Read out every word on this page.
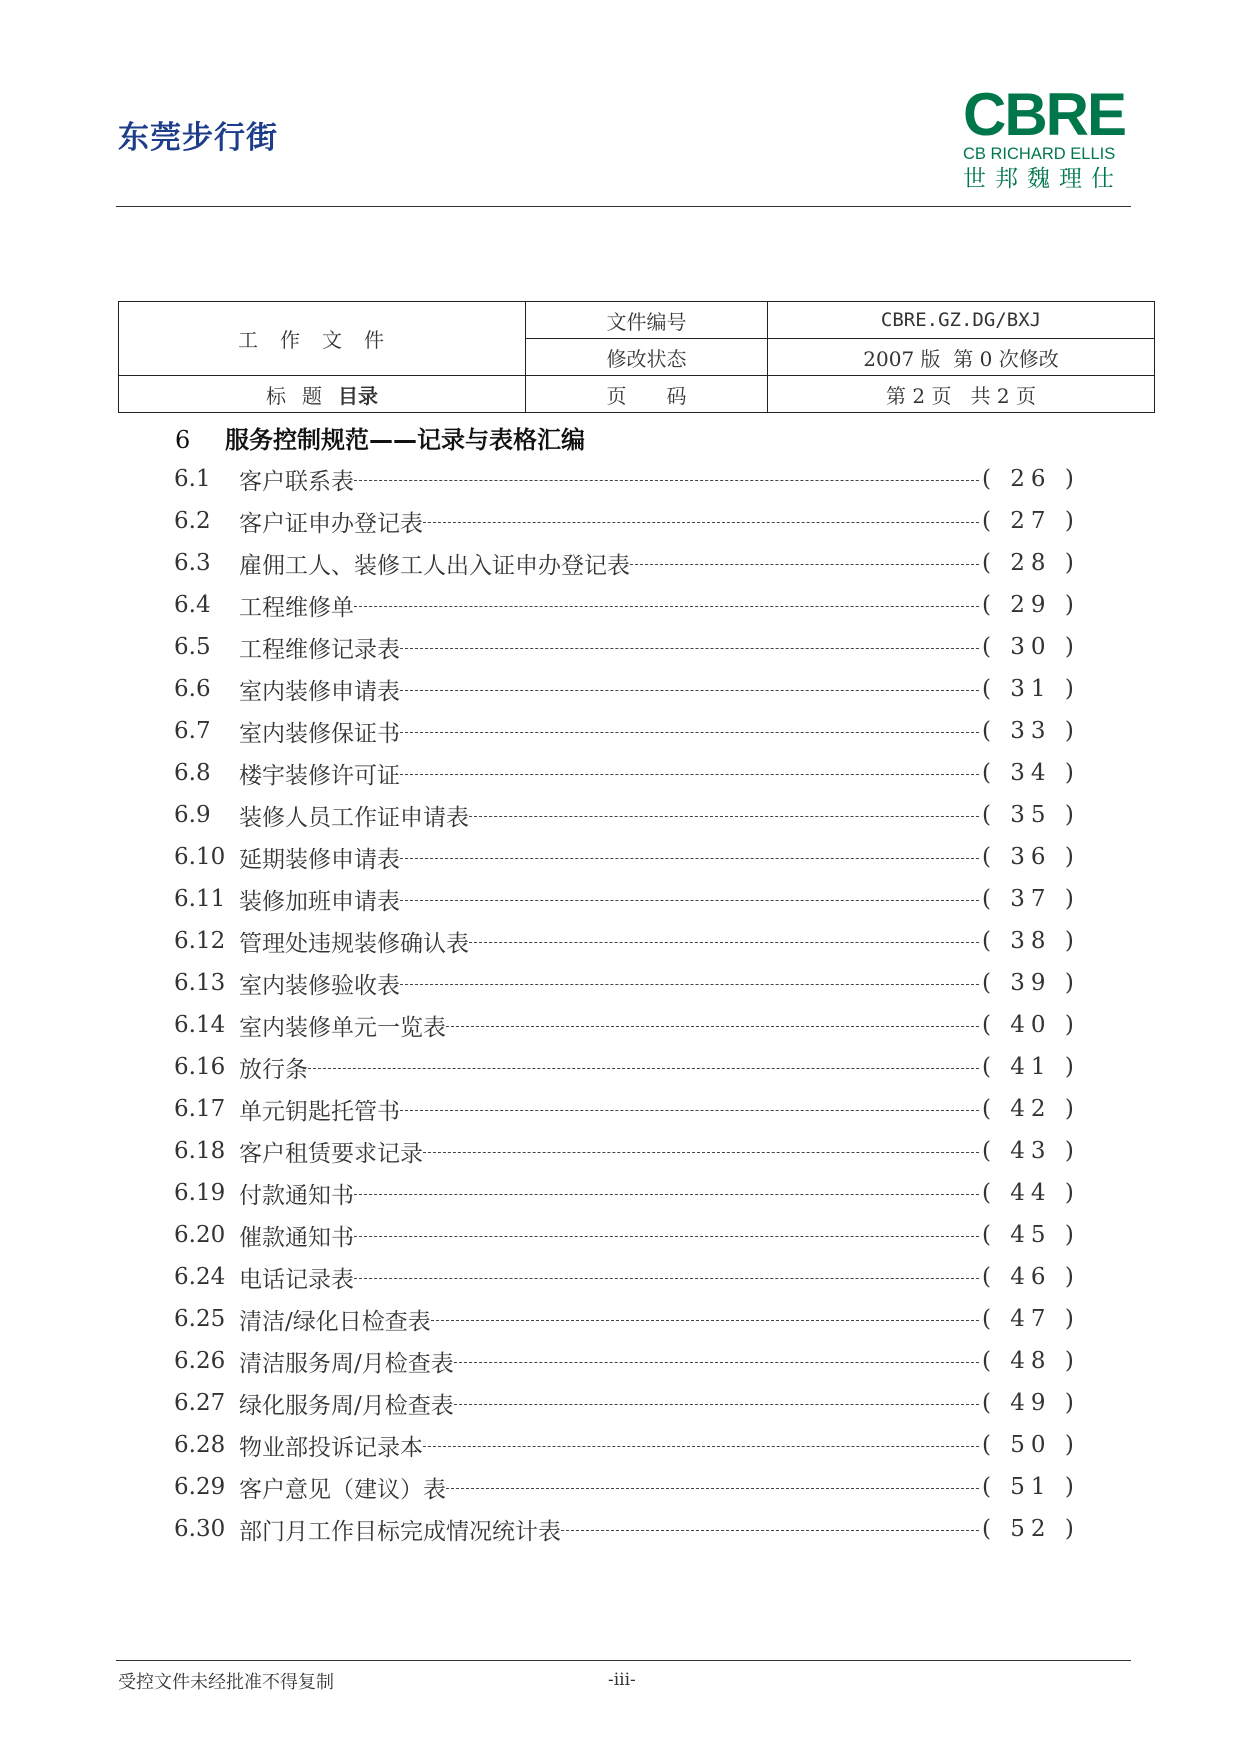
东莞步行街	CBRE
CB RICHARD ELLIS
世邦魏理仕
工作文件	文件编号	CBRE.GZ.DG/BXJ
	修改状态	2007 版  第 0 次修改
标题目录	页码	第 2 页   共 2 页
6 服务控制规范——记录与表格汇编
6.1	客户联系表	( 26 )
6.2	客户证申办登记表	( 27 )
6.3	雇佣工人、装修工人出入证申办登记表	( 28 )
6.4	工程维修单	( 29 )
6.5	工程维修记录表	( 30 )
6.6	室内装修申请表	( 31 )
6.7	室内装修保证书	( 33 )
6.8	楼宇装修许可证	( 34 )
6.9	装修人员工作证申请表	( 35 )
6.10 延期装修申请表	( 36 )
6.11 装修加班申请表	( 37 )
6.12 管理处违规装修确认表	( 38 )
6.13 室内装修验收表	( 39 )
6.14 室内装修单元一览表	( 40 )
6.16 放行条	( 41 )
6.17 单元钥匙托管书	( 42 )
6.18 客户租赁要求记录	( 43 )
6.19 付款通知书	( 44 )
6.20 催款通知书	( 45 )
6.24 电话记录表	( 46 )
6.25 清洁/绿化日检查表	( 47 )
6.26 清洁服务周/月检查表	( 48 )
6.27 绿化服务周/月检查表	( 49 )
6.28 物业部投诉记录本	( 50 )
6.29 客户意见（建议）表	( 51 )
6.30 部门月工作目标完成情况统计表	( 52 )
受控文件未经批准不得复制	-iii-
